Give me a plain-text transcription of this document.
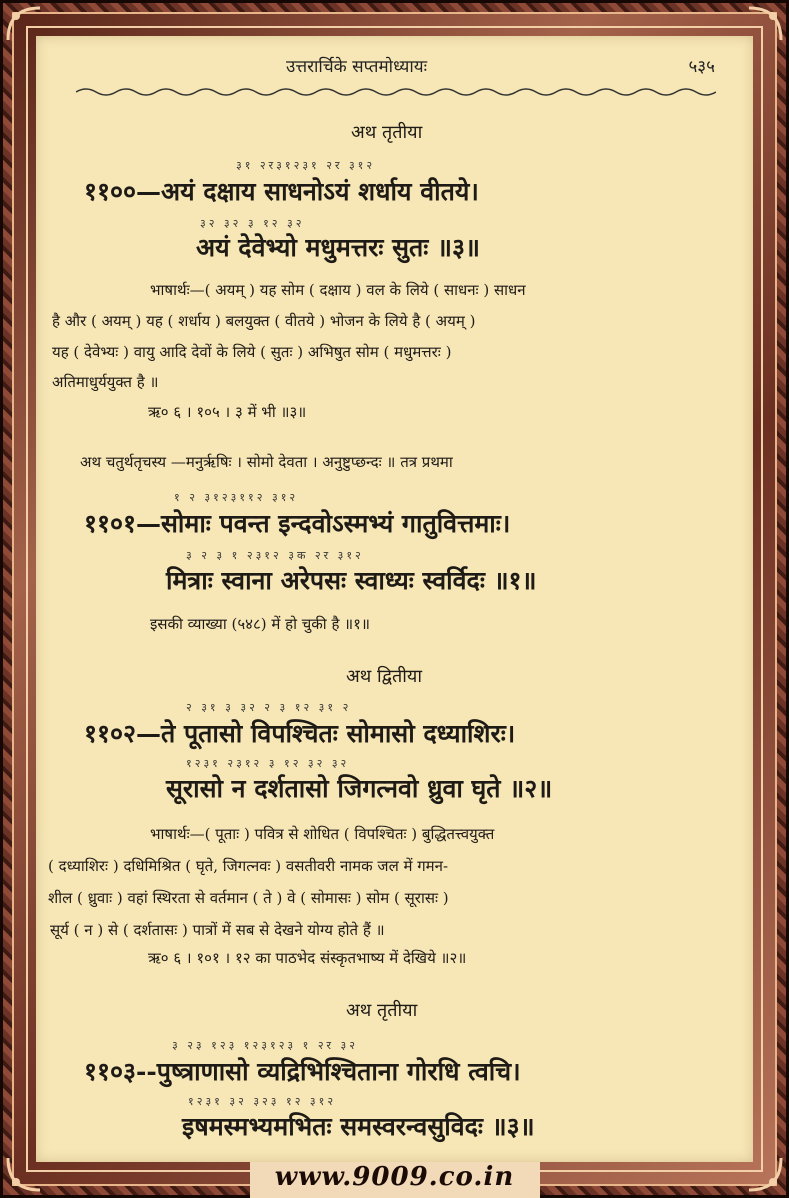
उत्तरार्चिके सप्तमोध्यायः	५३५
अथ तृतीया
३१ २र३१२३१ २र ३१२
११००—अयं दक्षाय साधनोऽयं शर्धाय वीतये।
३२ ३२ ३ १२ ३२
अयं देवेभ्यो मधुमत्तरः सुतः ॥३॥
भाषार्थः—( अयम् ) यह सोम ( दक्षाय ) वल के लिये ( साधनः ) साधन
है और ( अयम् ) यह ( शर्धाय ) बलयुक्त ( वीतये ) भोजन के लिये है ( अयम् )
यह ( देवेभ्यः ) वायु आदि देवों के लिये ( सुतः ) अभिषुत सोम ( मधुमत्तरः )
अतिमाधुर्ययुक्त है ॥
ऋ० ६ । १०५ । ३ में भी ॥३॥
अथ चतुर्थतृचस्य —मनुर्ऋषिः । सोमो देवता । अनुष्टुप्छन्दः ॥ तत्र प्रथमा
१ २ ३१२३११२ ३१२
११०१—सोमाः पवन्त इन्दवोऽस्मभ्यं गातुवित्तमाः।
३ २ ३ १ २३१२ ३क २र ३१२
मित्राः स्वाना अरेपसः स्वाध्यः स्वर्विदः ॥१॥
इसकी व्याख्या (५४८) में हो चुकी है ॥१॥
अथ द्वितीया
२ ३१ ३ ३२ २ ३ १२ ३१ २
११०२—ते पूतासो विपश्चितः सोमासो दध्याशिरः।
१२३१ २३१२ ३ १२ ३२ ३२
सूरासो न दर्शतासो जिगत्नवो ध्रुवा घृते ॥२॥
भाषार्थः—( पूताः ) पवित्र से शोधित ( विपश्चितः ) बुद्धितत्त्वयुक्त
( दध्याशिरः ) दधिमिश्रित ( घृते, जिगत्नवः ) वसतीवरी नामक जल में गमन-
शील ( ध्रुवाः ) वहां स्थिरता से वर्तमान ( ते ) वे ( सोमासः ) सोम ( सूरासः )
सूर्य ( न ) से ( दर्शतासः ) पात्रों में सब से देखने योग्य होते हैं ॥
ऋ० ६ । १०१ । १२ का पाठभेद संस्कृतभाष्य में देखिये ॥२॥
अथ तृतीया
३ २३ १२३ १२३१२३ १ २र ३२
११०३--पुष्त्राणासो व्यद्रिभिश्चिताना गोरधि त्वचि।
१२३१ ३२ ३२३ १२ ३१२
इषमस्मभ्यमभितः समस्वरन्वसुविदः ॥३॥
www.9009.co.in
